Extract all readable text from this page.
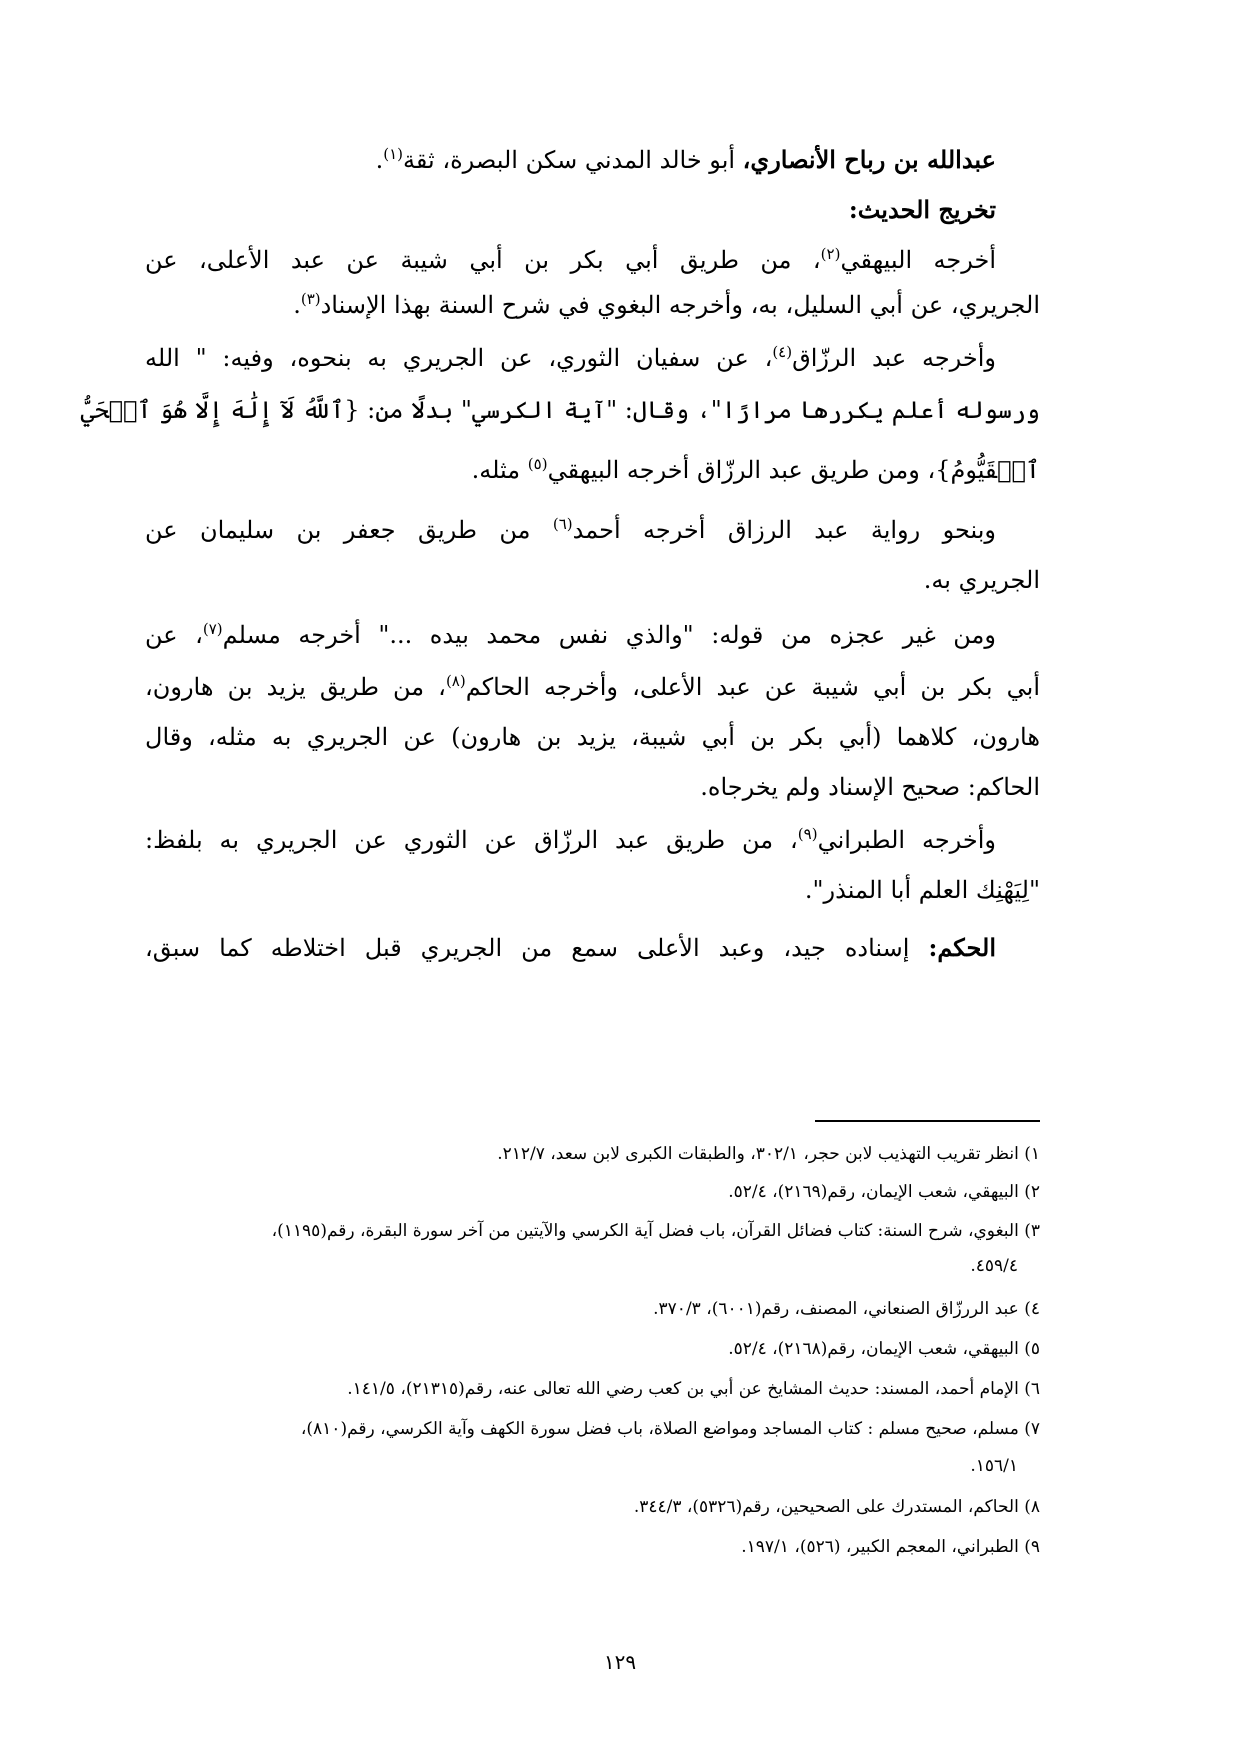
عبدالله بن رباح الأنصاري، أبو خالد المدني سكن البصرة، ثقة$^{(١)}$.
تخريج الحديث:
أخرجه البيهقي$^{(٢)}$، من طريق أبي بكر بن أبي شيبة عن عبد الأعلى، عن
الجريري، عن أبي السليل، به، وأخرجه البغوي في شرح السنة بهذا الإسناد$^{(٣)}$.
وأخرجه عبد الرزّاق$^{(٤)}$، عن سفيان الثوري، عن الجريري به بنحوه، وفيه: " الله
ورسوله أعلم يكررها مرارًا"، وقال: "آية الكرسي" بدلًا من: {ٱللَّهُ لَآ إِلَٰهَ إِلَّا هُوَ ٱلۡحَيُّ
ٱلۡقَيُّومُ}، ومن طريق عبد الرزّاق أخرجه البيهقي$^{(٥)}$ مثله.
وبنحو رواية عبد الرزاق أخرجه أحمد$^{(٦)}$ من طريق جعفر بن سليمان عن
الجريري به.
ومن غير عجزه من قوله: "والذي نفس محمد بيده ..." أخرجه مسلم$^{(٧)}$، عن
أبي بكر بن أبي شيبة عن عبد الأعلى، وأخرجه الحاكم$^{(٨)}$، من طريق يزيد بن هارون،
هارون، كلاهما (أبي بكر بن أبي شيبة، يزيد بن هارون) عن الجريري به مثله، وقال
الحاكم: صحيح الإسناد ولم يخرجاه.
وأخرجه الطبراني$^{(٩)}$، من طريق عبد الرزّاق عن الثوري عن الجريري به بلفظ:
"لِيَهْنِك العلم أبا المنذر".
الحكم: إسناده جيد، وعبد الأعلى سمع من الجريري قبل اختلاطه كما سبق،
١) انظر تقريب التهذيب لابن حجر، ٣٠٢/١، والطبقات الكبرى لابن سعد، ٢١٢/٧.
٢) البيهقي، شعب الإيمان، رقم(٢١٦٩)، ٥٢/٤.
٣) البغوي، شرح السنة: كتاب فضائل القرآن، باب فضل آية الكرسي والآيتين من آخر سورة البقرة، رقم(١١٩٥)،
٤٥٩/٤.
٤) عبد الررزّاق الصنعاني، المصنف، رقم(٦٠٠١)، ٣٧٠/٣.
٥) البيهقي، شعب الإيمان، رقم(٢١٦٨)، ٥٢/٤.
٦) الإمام أحمد، المسند: حديث المشايخ عن أبي بن كعب رضي الله تعالى عنه، رقم(٢١٣١٥)، ١٤١/٥.
٧) مسلم، صحيح مسلم : كتاب المساجد ومواضع الصلاة، باب فضل سورة الكهف وآية الكرسي، رقم(٨١٠)،
١٥٦/١.
٨) الحاكم، المستدرك على الصحيحين، رقم(٥٣٢٦)، ٣٤٤/٣.
٩) الطبراني، المعجم الكبير، (٥٢٦)، ١٩٧/١.
١٢٩
